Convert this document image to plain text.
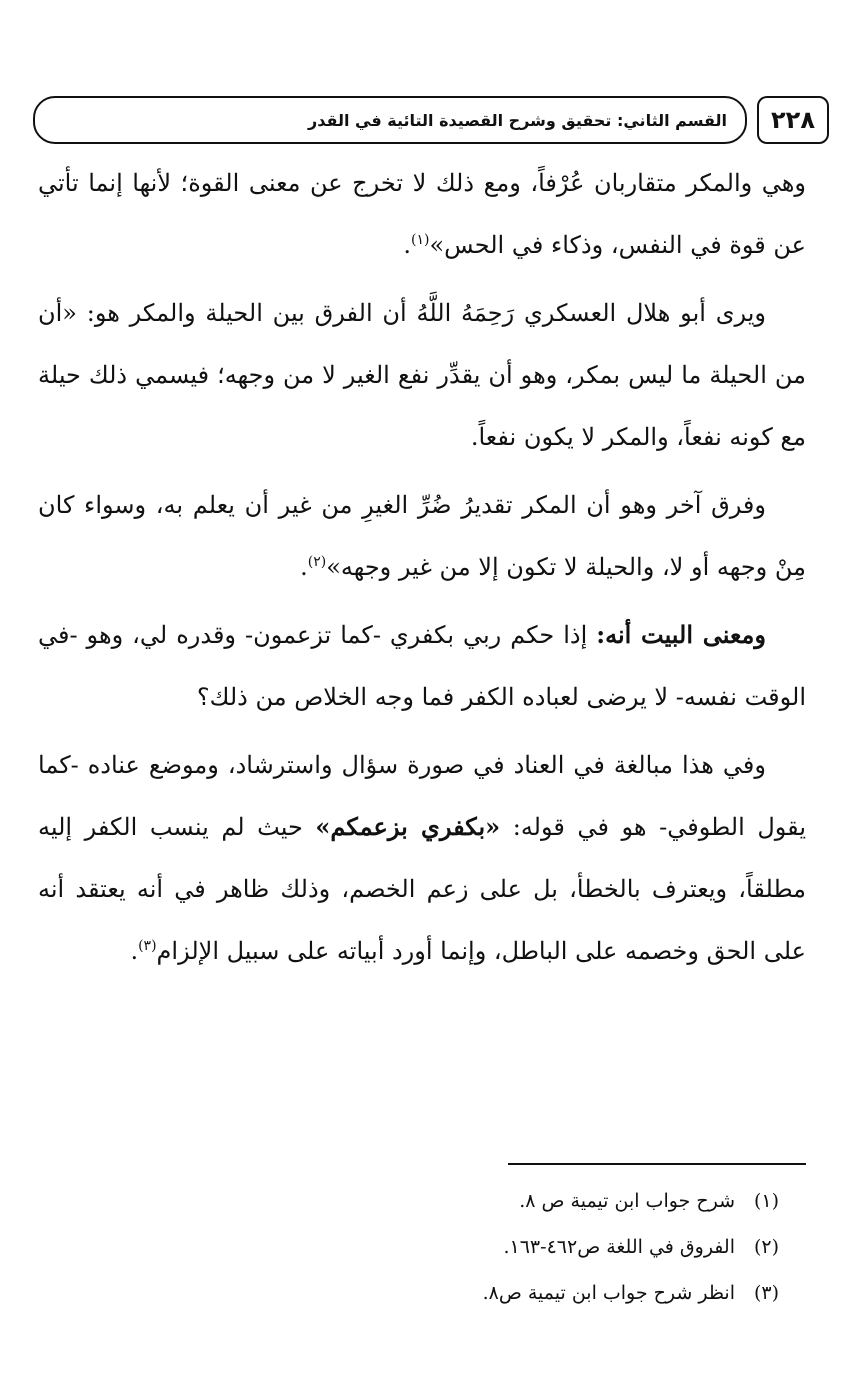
٢٢٨
القسم الثاني: تحقيق وشرح القصيدة التائية في القدر

وهي والمكر متقاربان عُرْفاً، ومع ذلك لا تخرج عن معنى القوة؛ لأنها إنما تأتي عن قوة في النفس، وذكاء في الحس»$^{(١)}$.

ويرى أبو هلال العسكري رَحِمَهُ اللَّهُ أن الفرق بين الحيلة والمكر هو: «أن من الحيلة ما ليس بمكر، وهو أن يقدِّر نفع الغير لا من وجهه؛ فيسمي ذلك حيلة مع كونه نفعاً، والمكر لا يكون نفعاً.

وفرق آخر وهو أن المكر تقديرُ ضُرِّ الغيرِ من غير أن يعلم به، وسواء كان مِنْ وجهه أو لا، والحيلة لا تكون إلا من غير وجهه»$^{(٢)}$.

ومعنى البيت أنه: إذا حكم ربي بكفري -كما تزعمون- وقدره لي، وهو -في الوقت نفسه- لا يرضى لعباده الكفر فما وجه الخلاص من ذلك؟

وفي هذا مبالغة في العناد في صورة سؤال واسترشاد، وموضع عناده -كما يقول الطوفي- هو في قوله: «بكفري بزعمكم» حيث لم ينسب الكفر إليه مطلقاً، ويعترف بالخطأ، بل على زعم الخصم، وذلك ظاهر في أنه يعتقد أنه على الحق وخصمه على الباطل، وإنما أورد أبياته على سبيل الإلزام$^{(٣)}$.

(١)
شرح جواب ابن تيمية ص ٨.
(٢)
الفروق في اللغة ص٤٦٢-١٦٣.
(٣)
انظر شرح جواب ابن تيمية ص٨.
